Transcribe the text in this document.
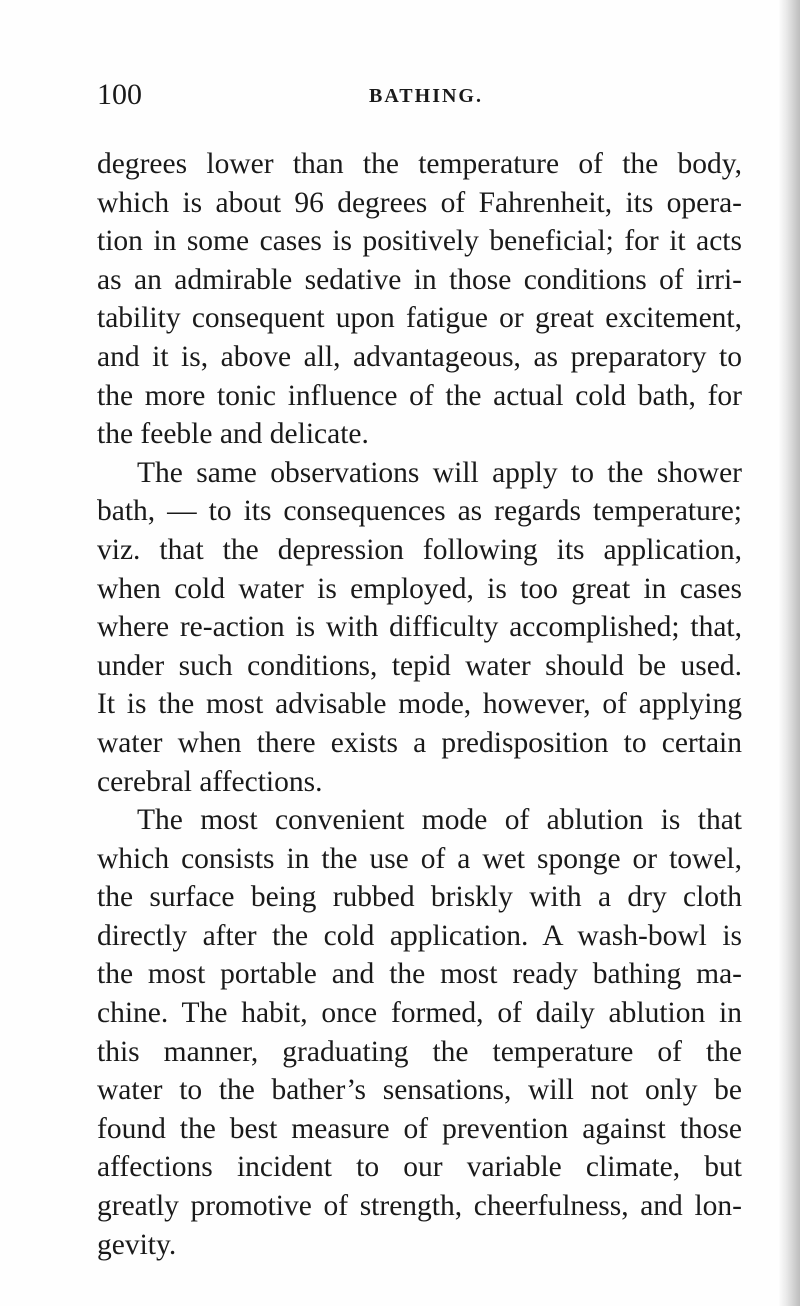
100	BATHING.
degrees lower than the temperature of the body,
which is about 96 degrees of Fahrenheit, its opera-
tion in some cases is positively beneficial; for it acts
as an admirable sedative in those conditions of irri-
tability consequent upon fatigue or great excitement,
and it is, above all, advantageous, as preparatory to
the more tonic influence of the actual cold bath, for
the feeble and delicate.
The same observations will apply to the shower
bath, — to its consequences as regards temperature;
viz. that the depression following its application,
when cold water is employed, is too great in cases
where re-action is with difficulty accomplished; that,
under such conditions, tepid water should be used.
It is the most advisable mode, however, of applying
water when there exists a predisposition to certain
cerebral affections.
The most convenient mode of ablution is that
which consists in the use of a wet sponge or towel,
the surface being rubbed briskly with a dry cloth
directly after the cold application. A wash-bowl is
the most portable and the most ready bathing ma-
chine. The habit, once formed, of daily ablution in
this manner, graduating the temperature of the
water to the bather’s sensations, will not only be
found the best measure of prevention against those
affections incident to our variable climate, but
greatly promotive of strength, cheerfulness, and lon-
gevity.
